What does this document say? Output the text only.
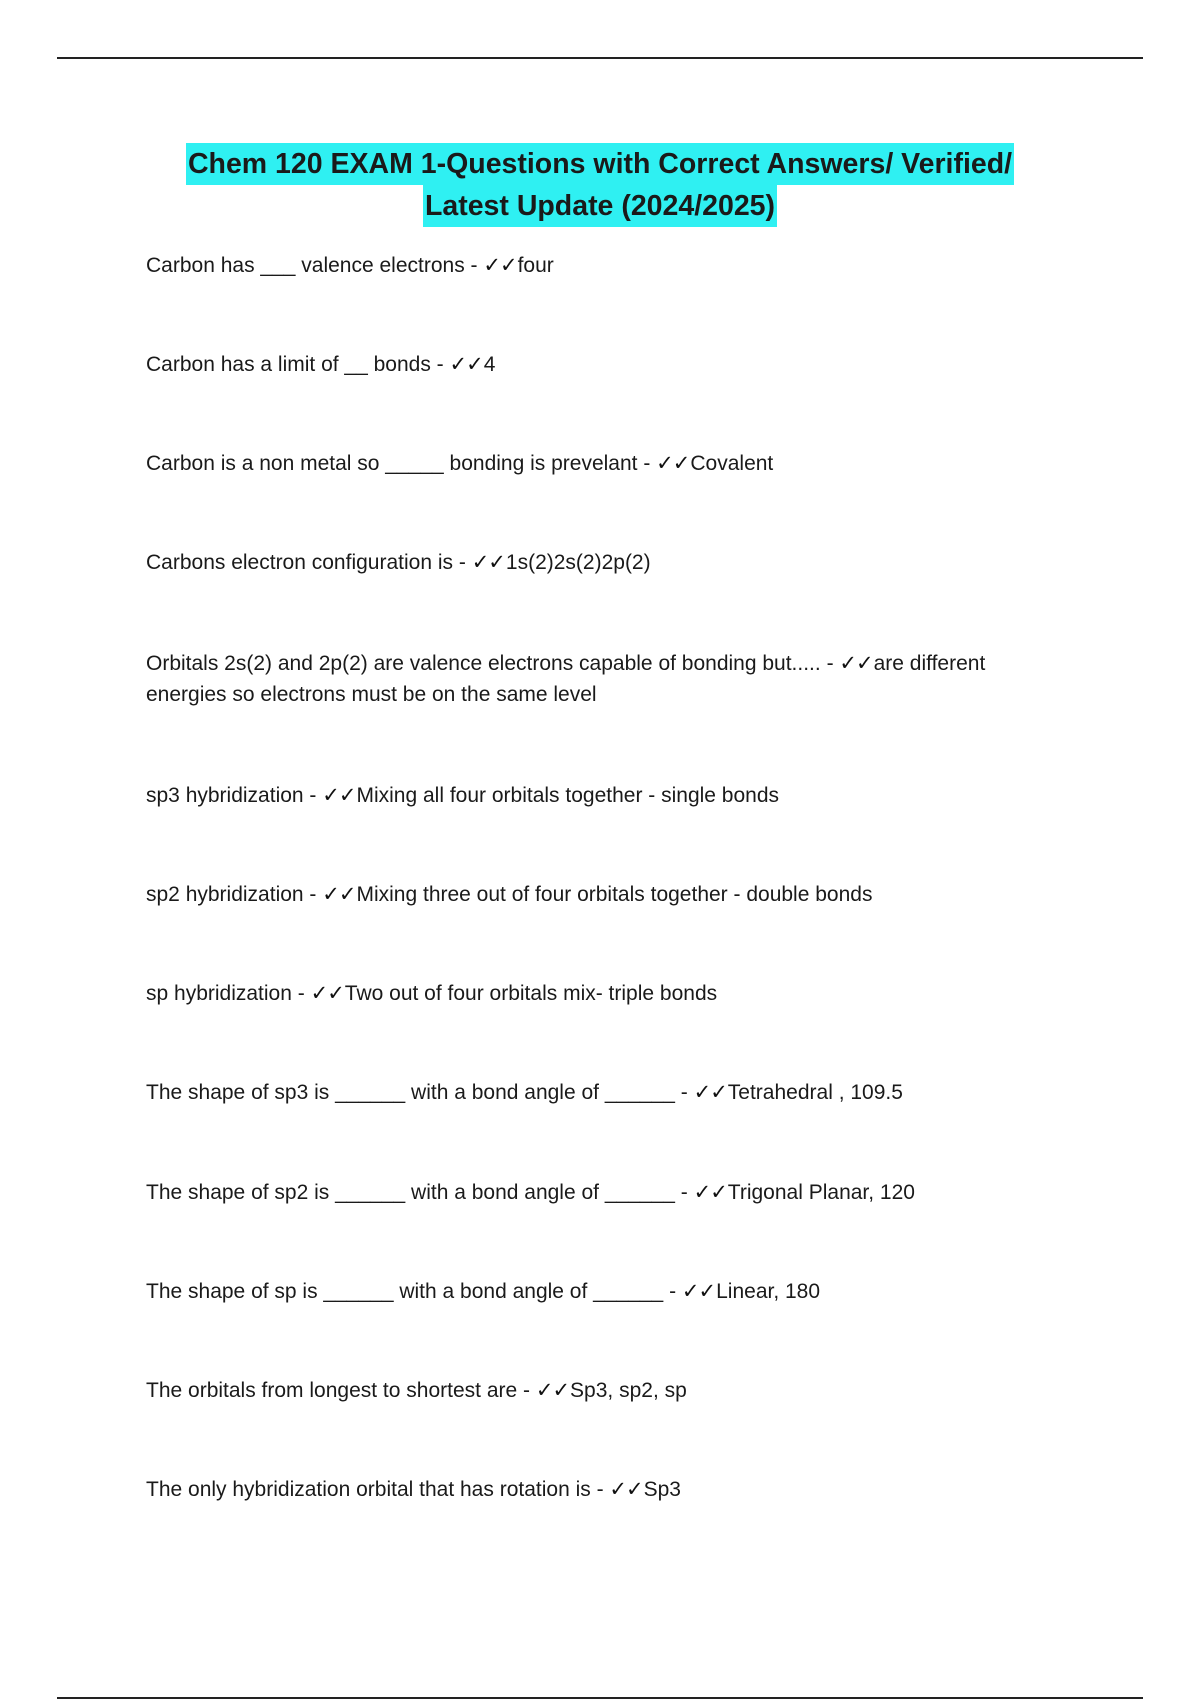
Chem 120 EXAM 1-Questions with Correct Answers/ Verified/
Latest Update (2024/2025)
Carbon has ___ valence electrons - ✓✓four
Carbon has a limit of __ bonds - ✓✓4
Carbon is a non metal so _____ bonding is prevelant - ✓✓Covalent
Carbons electron configuration is - ✓✓1s(2)2s(2)2p(2)
Orbitals 2s(2) and 2p(2) are valence electrons capable of bonding but..... - ✓✓are different energies so electrons must be on the same level
sp3 hybridization - ✓✓Mixing all four orbitals together - single bonds
sp2 hybridization - ✓✓Mixing three out of four orbitals together - double bonds
sp hybridization - ✓✓Two out of four orbitals mix- triple bonds
The shape of sp3 is ______ with a bond angle of ______ - ✓✓Tetrahedral , 109.5
The shape of sp2 is ______ with a bond angle of ______ - ✓✓Trigonal Planar, 120
The shape of sp is ______ with a bond angle of ______ - ✓✓Linear, 180
The orbitals from longest to shortest are - ✓✓Sp3, sp2, sp
The only hybridization orbital that has rotation is - ✓✓Sp3
